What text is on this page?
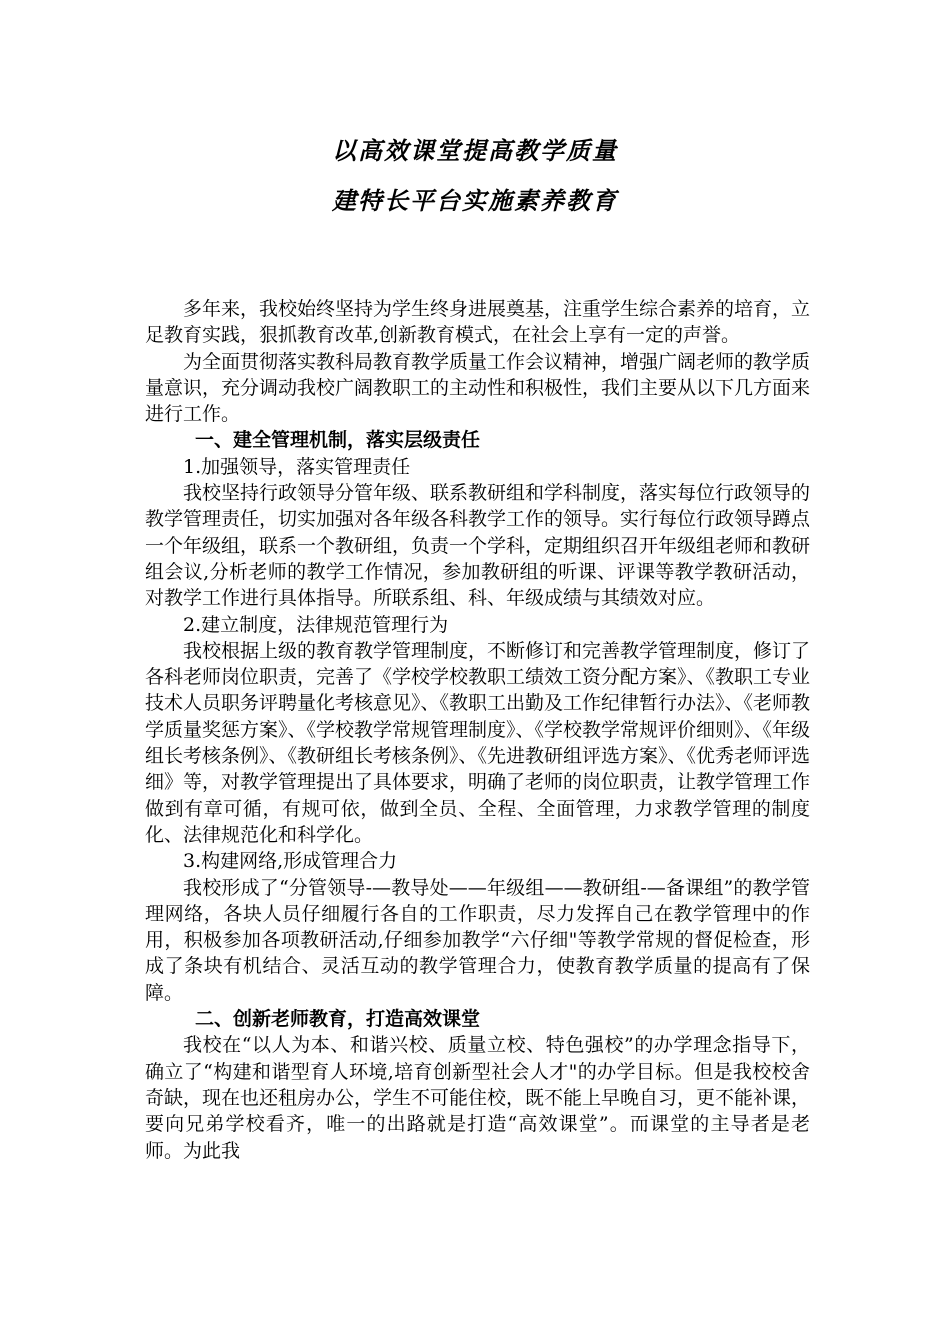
以高效课堂提高教学质量
建特长平台实施素养教育

多年来，我校始终坚持为学生终身进展奠基，注重学生综合素养的培育，立足教育实践，狠抓教育改革,创新教育模式，在社会上享有一定的声誉。

为全面贯彻落实教科局教育教学质量工作会议精神，增强广阔老师的教学质量意识，充分调动我校广阔教职工的主动性和积极性，我们主要从以下几方面来进行工作。

一、建全管理机制，落实层级责任

1.加强领导，落实管理责任

我校坚持行政领导分管年级、联系教研组和学科制度，落实每位行政领导的教学管理责任，切实加强对各年级各科教学工作的领导。实行每位行政领导蹲点一个年级组，联系一个教研组，负责一个学科，定期组织召开年级组老师和教研组会议,分析老师的教学工作情况，参加教研组的听课、评课等教学教研活动，对教学工作进行具体指导。所联系组、科、年级成绩与其绩效对应。

2.建立制度，法律规范管理行为

我校根据上级的教育教学管理制度，不断修订和完善教学管理制度，修订了各科老师岗位职责，完善了《学校学校教职工绩效工资分配方案》、《教职工专业技术人员职务评聘量化考核意见》、《教职工出勤及工作纪律暂行办法》、《老师教学质量奖惩方案》、《学校教学常规管理制度》、《学校教学常规评价细则》、《年级组长考核条例》、《教研组长考核条例》、《先进教研组评选方案》、《优秀老师评选细》等，对教学管理提出了具体要求，明确了老师的岗位职责，让教学管理工作做到有章可循，有规可依，做到全员、全程、全面管理，力求教学管理的制度化、法律规范化和科学化。

3.构建网络,形成管理合力

我校形成了“分管领导-—教导处——年级组——教研组-—备课组”的教学管理网络，各块人员仔细履行各自的工作职责，尽力发挥自己在教学管理中的作用，积极参加各项教研活动,仔细参加教学“六仔细"等教学常规的督促检查，形成了条块有机结合、灵活互动的教学管理合力，使教育教学质量的提高有了保障。

二、创新老师教育，打造高效课堂

我校在“以人为本、和谐兴校、质量立校、特色强校”的办学理念指导下，确立了“构建和谐型育人环境,培育创新型社会人才"的办学目标。但是我校校舍奇缺，现在也还租房办公，学生不可能住校，既不能上早晚自习，更不能补课，要向兄弟学校看齐，唯一的出路就是打造“高效课堂”。而课堂的主导者是老师。为此我
